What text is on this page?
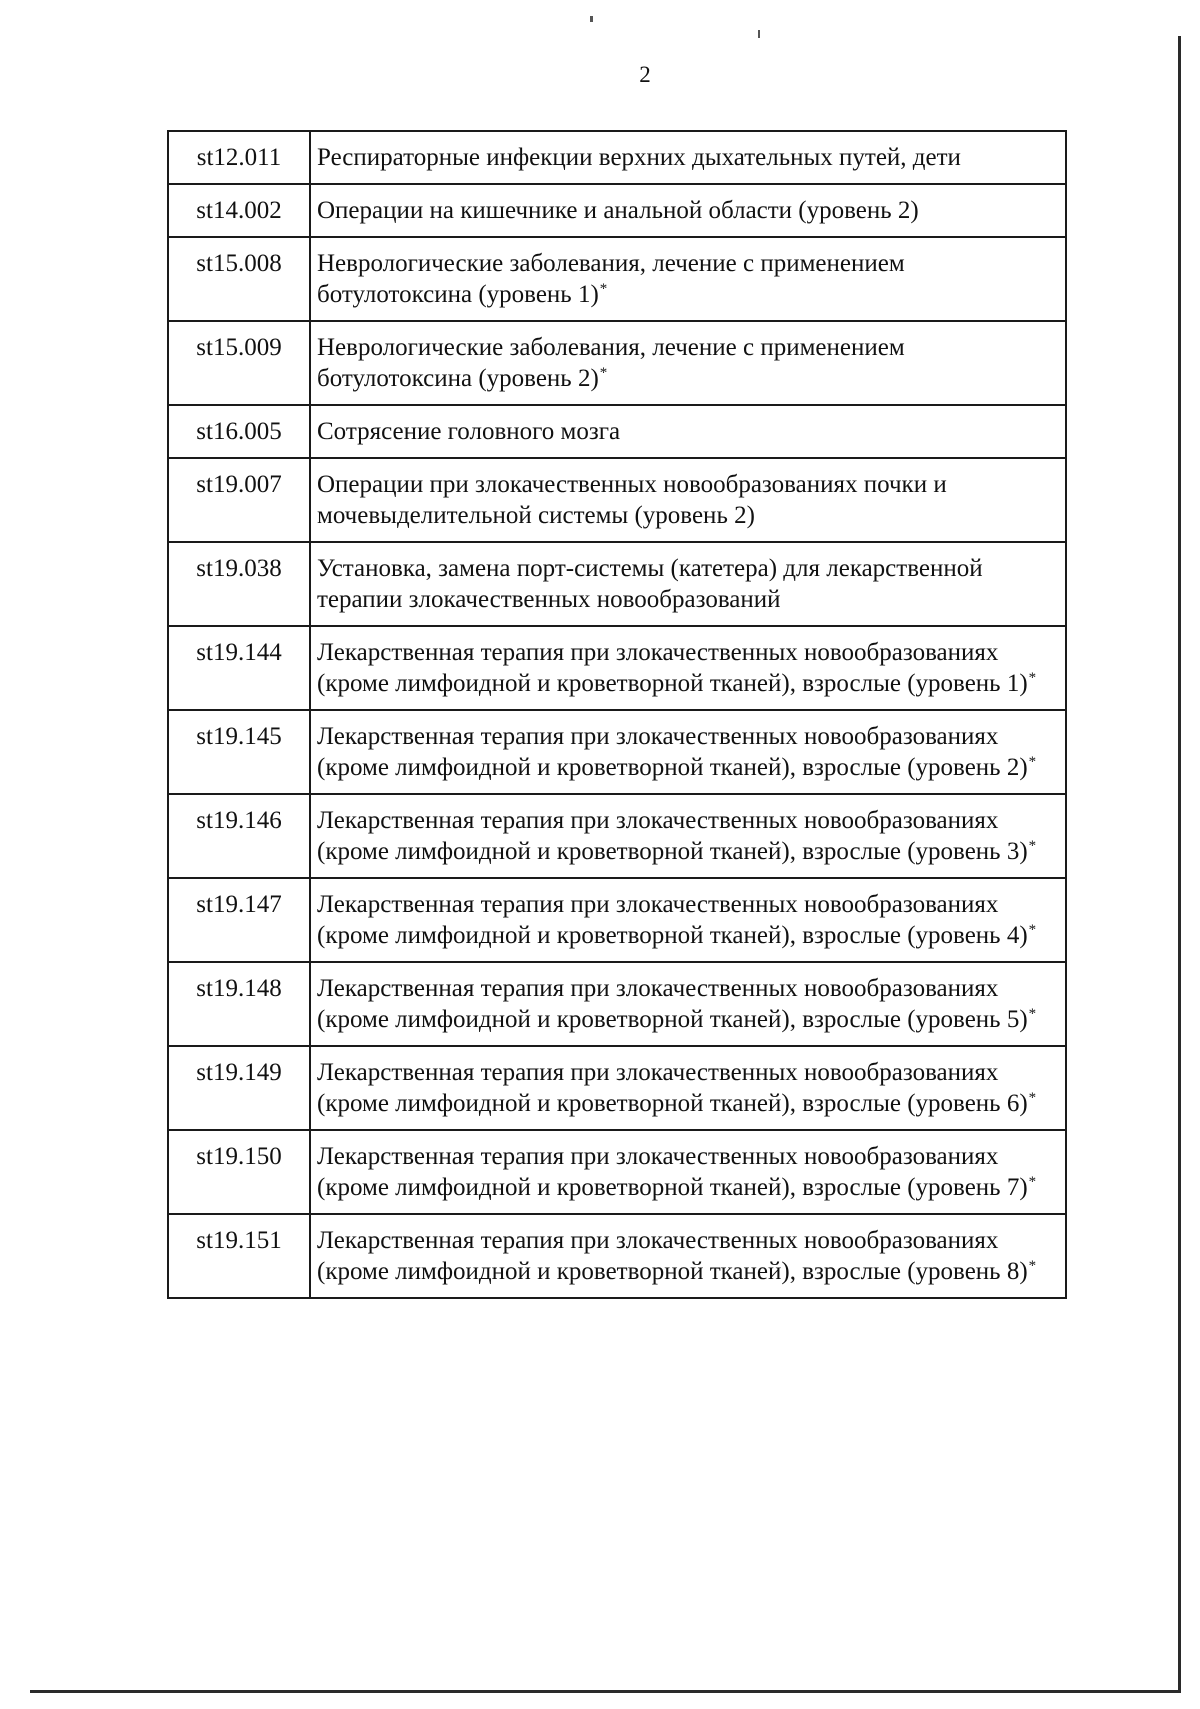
2
st12.011	Респираторные инфекции верхних дыхательных путей, дети
st14.002	Операции на кишечнике и анальной области (уровень 2)
st15.008	Неврологические заболевания, лечение с применением ботулотоксина (уровень 1)*
st15.009	Неврологические заболевания, лечение с применением ботулотоксина (уровень 2)*
st16.005	Сотрясение головного мозга
st19.007	Операции при злокачественных новообразованиях почки и мочевыделительной системы (уровень 2)
st19.038	Установка, замена порт-системы (катетера) для лекарственной терапии злокачественных новообразований
st19.144	Лекарственная терапия при злокачественных новообразованиях (кроме лимфоидной и кроветворной тканей), взрослые (уровень 1)*
st19.145	Лекарственная терапия при злокачественных новообразованиях (кроме лимфоидной и кроветворной тканей), взрослые (уровень 2)*
st19.146	Лекарственная терапия при злокачественных новообразованиях (кроме лимфоидной и кроветворной тканей), взрослые (уровень 3)*
st19.147	Лекарственная терапия при злокачественных новообразованиях (кроме лимфоидной и кроветворной тканей), взрослые (уровень 4)*
st19.148	Лекарственная терапия при злокачественных новообразованиях (кроме лимфоидной и кроветворной тканей), взрослые (уровень 5)*
st19.149	Лекарственная терапия при злокачественных новообразованиях (кроме лимфоидной и кроветворной тканей), взрослые (уровень 6)*
st19.150	Лекарственная терапия при злокачественных новообразованиях (кроме лимфоидной и кроветворной тканей), взрослые (уровень 7)*
st19.151	Лекарственная терапия при злокачественных новообразованиях (кроме лимфоидной и кроветворной тканей), взрослые (уровень 8)*
